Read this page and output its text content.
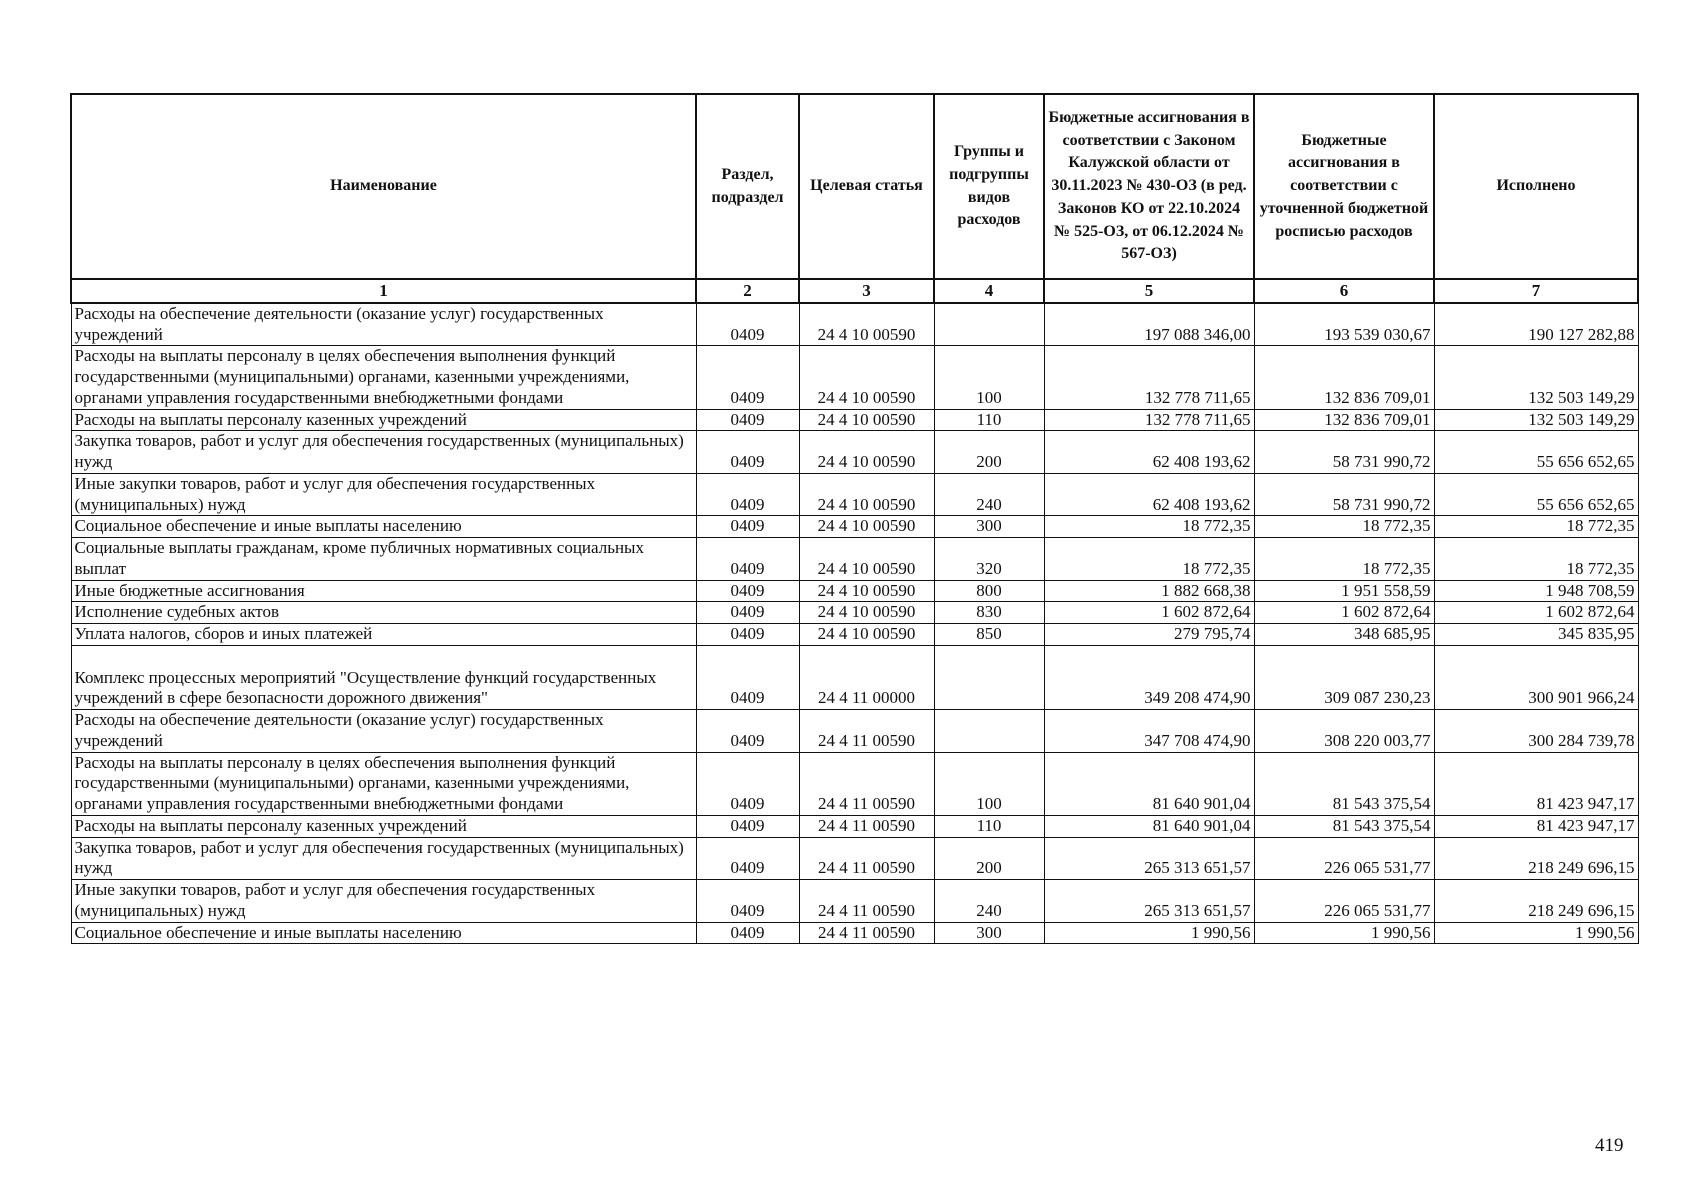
Наименование	Раздел, подраздел	Целевая статья	Группы и подгруппы видов расходов	Бюджетные ассигнования в соответствии с Законом Калужской области от 30.11.2023 № 430-ОЗ (в ред. Законов КО от 22.10.2024 № 525-ОЗ, от 06.12.2024 № 567-ОЗ)	Бюджетные ассигнования в соответствии с уточненной бюджетной росписью расходов	Исполнено
1	2	3	4	5	6	7
Расходы на обеспечение деятельности (оказание услуг) государственных учреждений	0409	24 4 10 00590		197 088 346,00	193 539 030,67	190 127 282,88
Расходы на выплаты персоналу в целях обеспечения выполнения функций государственными (муниципальными) органами, казенными учреждениями, органами управления государственными внебюджетными фондами	0409	24 4 10 00590	100	132 778 711,65	132 836 709,01	132 503 149,29
Расходы на выплаты персоналу казенных учреждений	0409	24 4 10 00590	110	132 778 711,65	132 836 709,01	132 503 149,29
Закупка товаров, работ и услуг для обеспечения государственных (муниципальных) нужд	0409	24 4 10 00590	200	62 408 193,62	58 731 990,72	55 656 652,65
Иные закупки товаров, работ и услуг для обеспечения государственных (муниципальных) нужд	0409	24 4 10 00590	240	62 408 193,62	58 731 990,72	55 656 652,65
Социальное обеспечение и иные выплаты населению	0409	24 4 10 00590	300	18 772,35	18 772,35	18 772,35
Социальные выплаты гражданам, кроме публичных нормативных социальных выплат	0409	24 4 10 00590	320	18 772,35	18 772,35	18 772,35
Иные бюджетные ассигнования	0409	24 4 10 00590	800	1 882 668,38	1 951 558,59	1 948 708,59
Исполнение судебных актов	0409	24 4 10 00590	830	1 602 872,64	1 602 872,64	1 602 872,64
Уплата налогов, сборов и иных платежей	0409	24 4 10 00590	850	279 795,74	348 685,95	345 835,95
Комплекс процессных мероприятий "Осуществление функций государственных учреждений в сфере безопасности дорожного движения"	0409	24 4 11 00000		349 208 474,90	309 087 230,23	300 901 966,24
Расходы на обеспечение деятельности (оказание услуг) государственных учреждений	0409	24 4 11 00590		347 708 474,90	308 220 003,77	300 284 739,78
Расходы на выплаты персоналу в целях обеспечения выполнения функций государственными (муниципальными) органами, казенными учреждениями, органами управления государственными внебюджетными фондами	0409	24 4 11 00590	100	81 640 901,04	81 543 375,54	81 423 947,17
Расходы на выплаты персоналу казенных учреждений	0409	24 4 11 00590	110	81 640 901,04	81 543 375,54	81 423 947,17
Закупка товаров, работ и услуг для обеспечения государственных (муниципальных) нужд	0409	24 4 11 00590	200	265 313 651,57	226 065 531,77	218 249 696,15
Иные закупки товаров, работ и услуг для обеспечения государственных (муниципальных) нужд	0409	24 4 11 00590	240	265 313 651,57	226 065 531,77	218 249 696,15
Социальное обеспечение и иные выплаты населению	0409	24 4 11 00590	300	1 990,56	1 990,56	1 990,56
419
